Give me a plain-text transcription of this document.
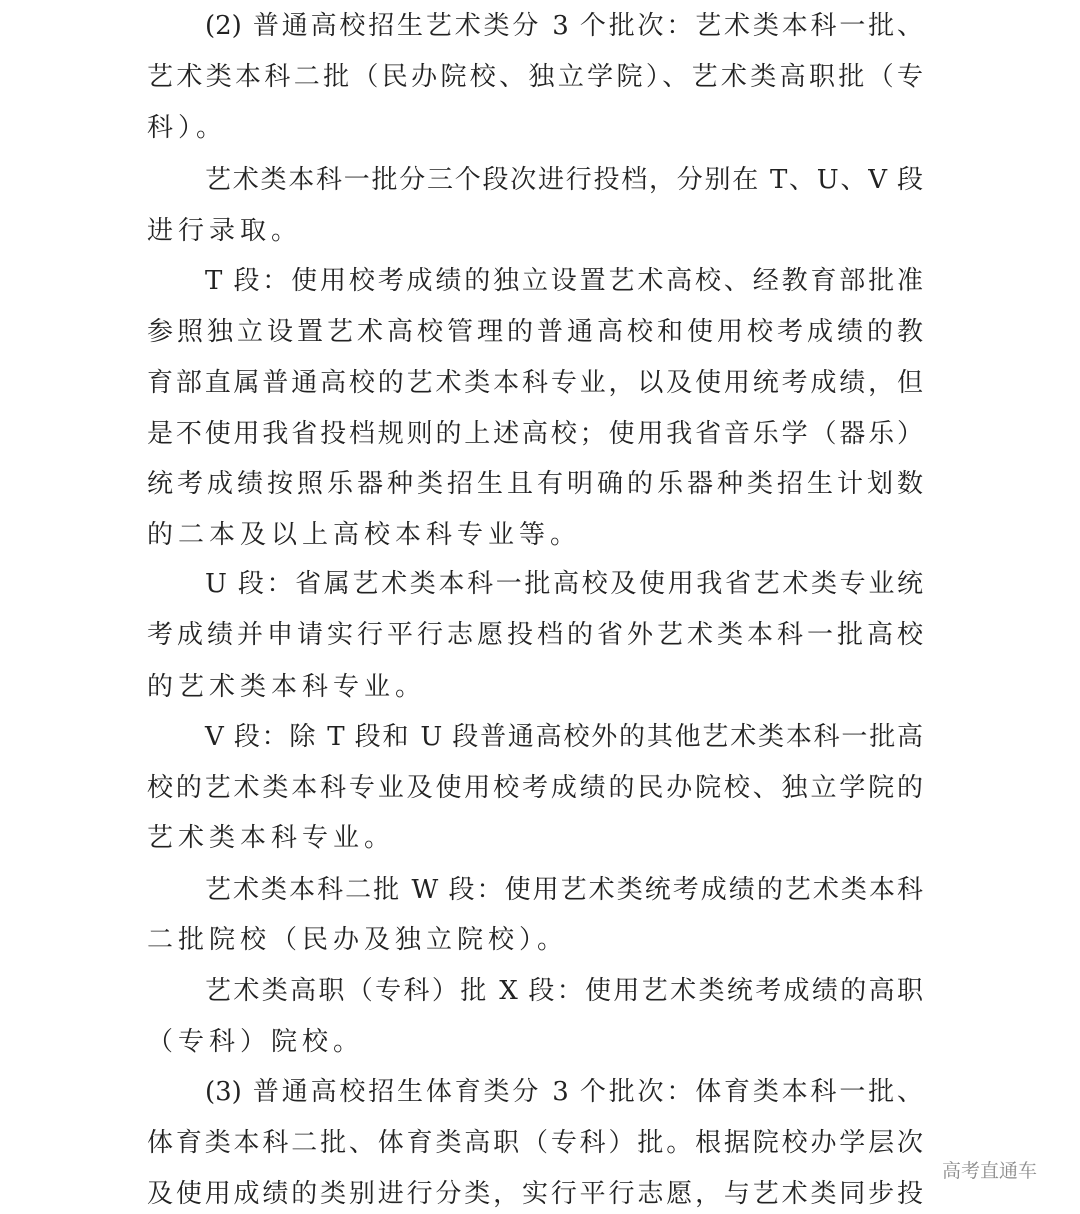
(2) 普通高校招生艺术类分 3 个批次：艺术类本科一批、
艺术类本科二批（民办院校、独立学院）、艺术类高职批（专
科）。
艺术类本科一批分三个段次进行投档，分别在 T、U、V 段
进行录取。
T 段：使用校考成绩的独立设置艺术高校、经教育部批准
参照独立设置艺术高校管理的普通高校和使用校考成绩的教
育部直属普通高校的艺术类本科专业，以及使用统考成绩，但
是不使用我省投档规则的上述高校；使用我省音乐学（器乐）
统考成绩按照乐器种类招生且有明确的乐器种类招生计划数
的二本及以上高校本科专业等。
U 段：省属艺术类本科一批高校及使用我省艺术类专业统
考成绩并申请实行平行志愿投档的省外艺术类本科一批高校
的艺术类本科专业。
V 段：除 T 段和 U 段普通高校外的其他艺术类本科一批高
校的艺术类本科专业及使用校考成绩的民办院校、独立学院的
艺术类本科专业。
艺术类本科二批 W 段：使用艺术类统考成绩的艺术类本科
二批院校（民办及独立院校）。
艺术类高职（专科）批 X 段：使用艺术类统考成绩的高职
（专科）院校。
(3) 普通高校招生体育类分 3 个批次：体育类本科一批、
体育类本科二批、体育类高职（专科）批。根据院校办学层次
及使用成绩的类别进行分类，实行平行志愿，与艺术类同步投
高考直通车
